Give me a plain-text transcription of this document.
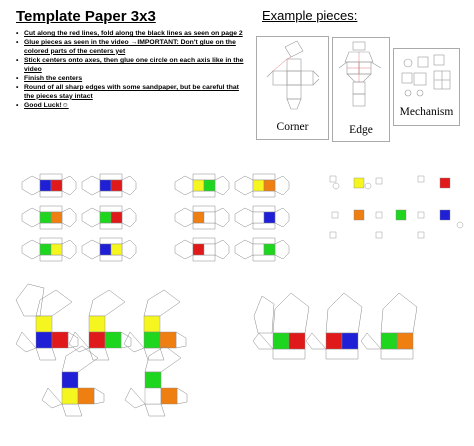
Template Paper 3x3
• Cut along the red lines, fold along the black lines as seen on page 2
• Glue pieces as seen in the video →IMPORTANT: Don't glue on the colored parts of the centers yet
• Stick centers onto axes, then glue one circle on each axis like in the video
• Finish the centers
• Round of all sharp edges with some sandpaper, but be careful that the pieces stay intact
• Good Luck!☺
Example pieces:
Corner	Edge
Mechanism
